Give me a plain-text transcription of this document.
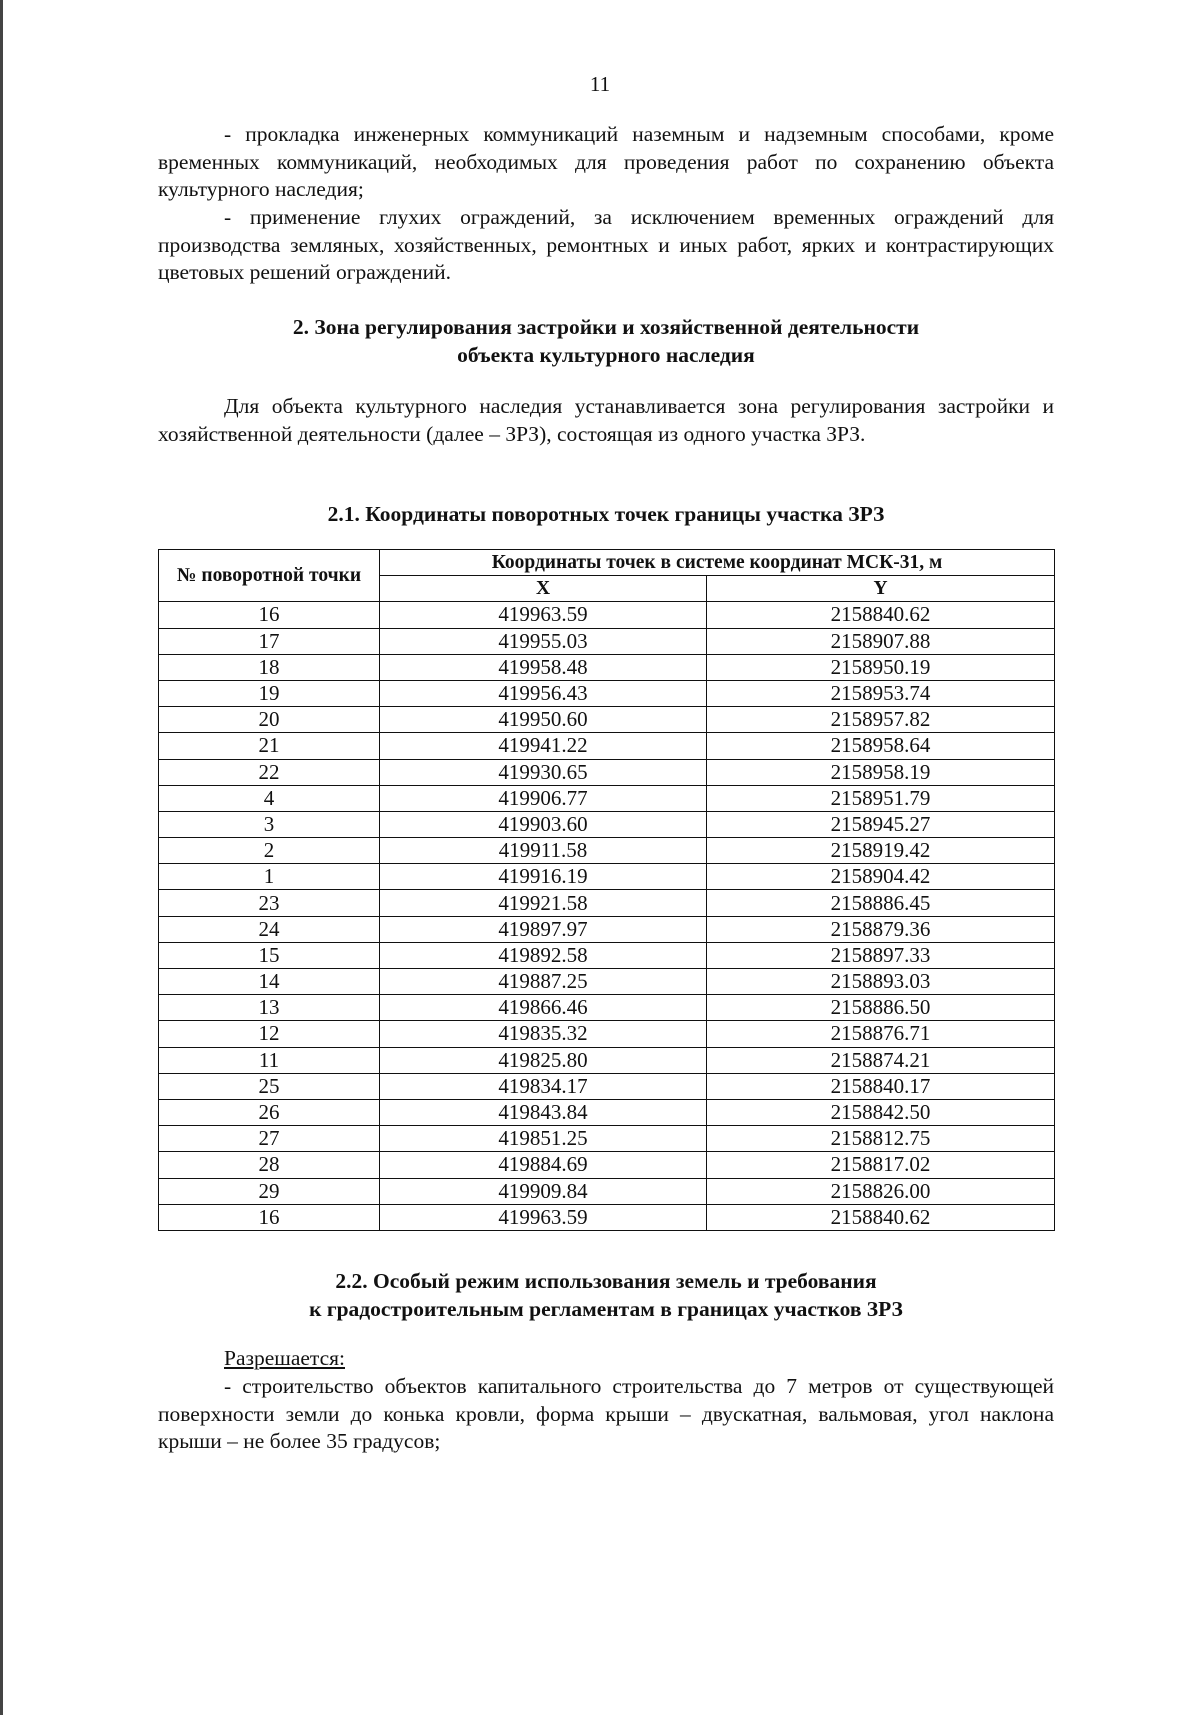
11
- прокладка инженерных коммуникаций наземным и надземным способами, кроме временных коммуникаций, необходимых для проведения работ по сохранению объекта культурного наследия;
- применение глухих ограждений, за исключением временных ограждений для производства земляных, хозяйственных, ремонтных и иных работ, ярких и контрастирующих цветовых решений ограждений.
2. Зона регулирования застройки и хозяйственной деятельности
объекта культурного наследия
Для объекта культурного наследия устанавливается зона регулирования застройки и хозяйственной деятельности (далее – ЗРЗ), состоящая из одного участка ЗРЗ.
2.1. Координаты поворотных точек границы участка ЗРЗ
№ поворотной точки	Координаты точек в системе координат МСК-31, м	
	X	Y
16	419963.59	2158840.62
17	419955.03	2158907.88
18	419958.48	2158950.19
19	419956.43	2158953.74
20	419950.60	2158957.82
21	419941.22	2158958.64
22	419930.65	2158958.19
4	419906.77	2158951.79
3	419903.60	2158945.27
2	419911.58	2158919.42
1	419916.19	2158904.42
23	419921.58	2158886.45
24	419897.97	2158879.36
15	419892.58	2158897.33
14	419887.25	2158893.03
13	419866.46	2158886.50
12	419835.32	2158876.71
11	419825.80	2158874.21
25	419834.17	2158840.17
26	419843.84	2158842.50
27	419851.25	2158812.75
28	419884.69	2158817.02
29	419909.84	2158826.00
16	419963.59	2158840.62
2.2. Особый режим использования земель и требования
к градостроительным регламентам в границах участков ЗРЗ
Разрешается:
- строительство объектов капитального строительства до 7 метров от существующей поверхности земли до конька кровли, форма крыши – двускатная, вальмовая, угол наклона крыши – не более 35 градусов;
